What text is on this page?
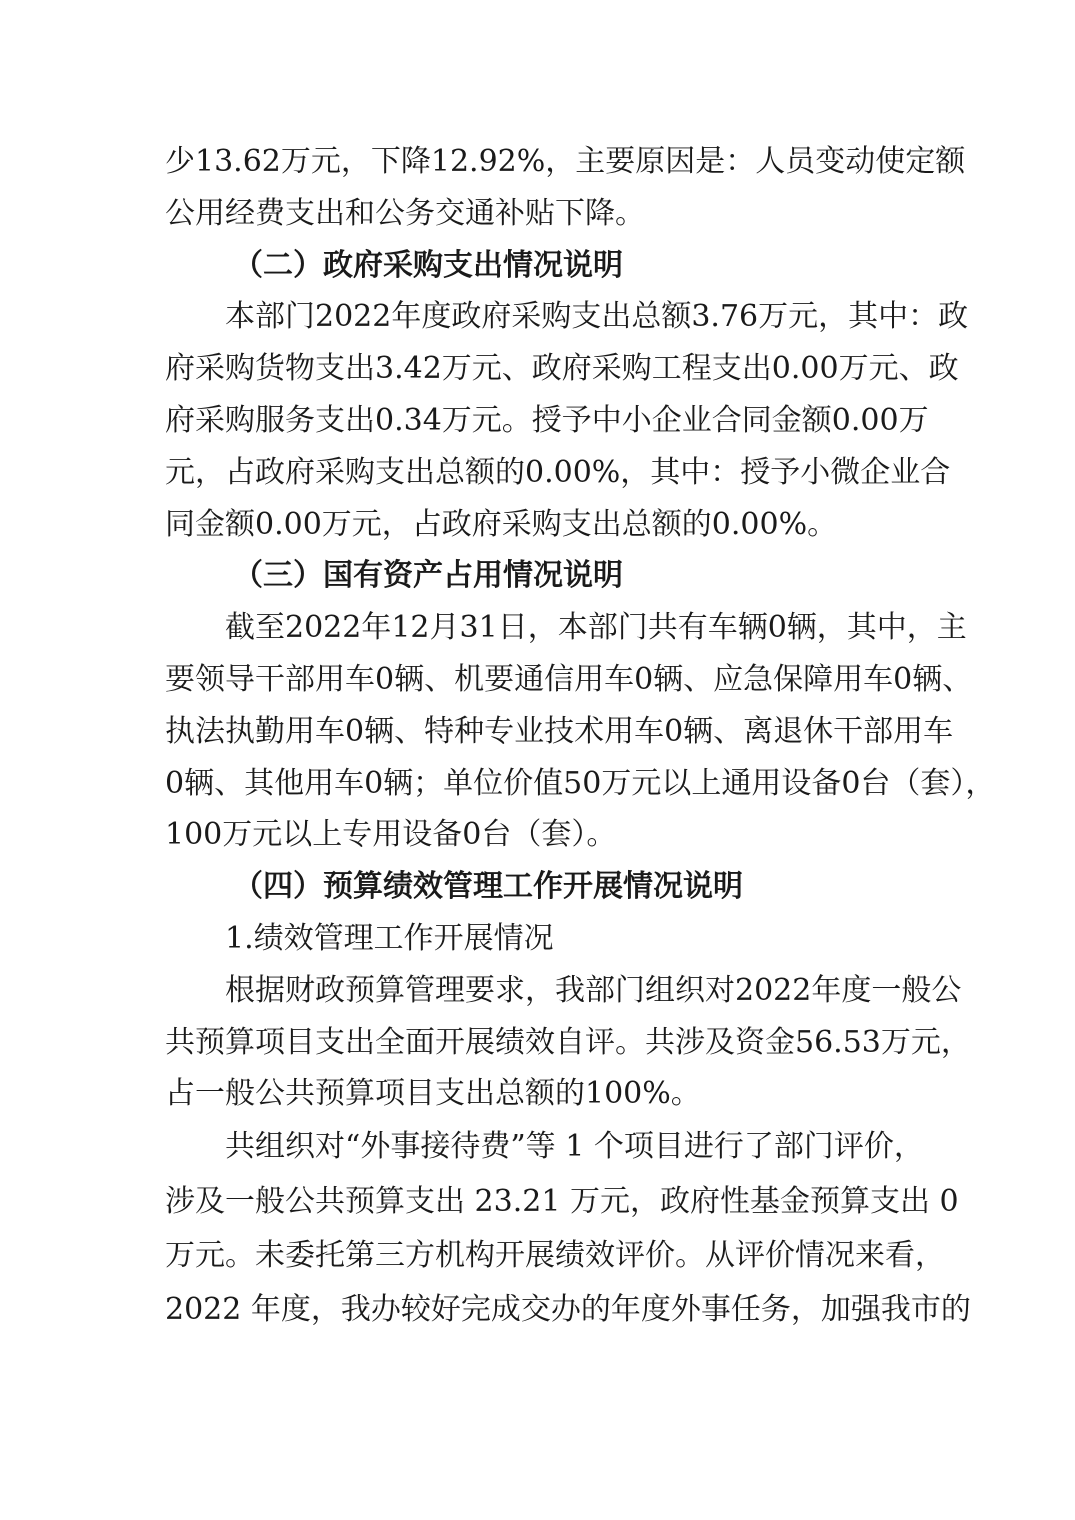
少13.62万元，下降12.92%，主要原因是：人员变动使定额
公用经费支出和公务交通补贴下降。
（二）政府采购支出情况说明
本部门2022年度政府采购支出总额3.76万元，其中：政
府采购货物支出3.42万元、政府采购工程支出0.00万元、政
府采购服务支出0.34万元。授予中小企业合同金额0.00万
元，占政府采购支出总额的0.00%，其中：授予小微企业合
同金额0.00万元，占政府采购支出总额的0.00%。
（三）国有资产占用情况说明
截至2022年12月31日，本部门共有车辆0辆，其中，主
要领导干部用车0辆、机要通信用车0辆、应急保障用车0辆、
执法执勤用车0辆、特种专业技术用车0辆、离退休干部用车
0辆、其他用车0辆；单位价值50万元以上通用设备0台（套），
100万元以上专用设备0台（套）。
（四）预算绩效管理工作开展情况说明
1.绩效管理工作开展情况
根据财政预算管理要求，我部门组织对2022年度一般公
共预算项目支出全面开展绩效自评。共涉及资金56.53万元，
占一般公共预算项目支出总额的100%。
共组织对“外事接待费”等 1 个项目进行了部门评价，
涉及一般公共预算支出 23.21 万元，政府性基金预算支出 0
万元。未委托第三方机构开展绩效评价。从评价情况来看，
2022 年度，我办较好完成交办的年度外事任务，加强我市的
